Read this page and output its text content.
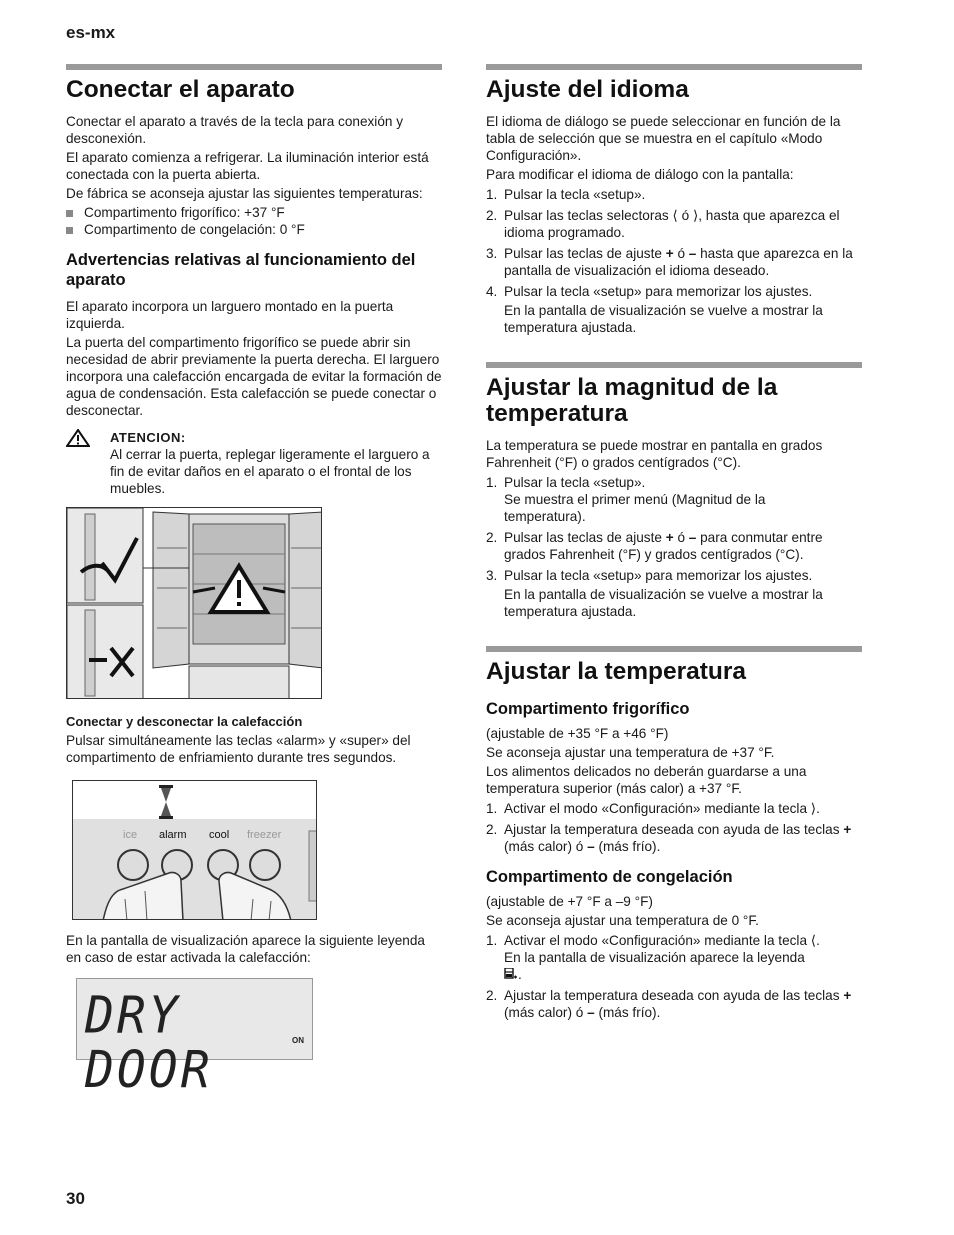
es-mx
Conectar el aparato

Conectar el aparato a través de la tecla para conexión y desconexión.

El aparato comienza a refrigerar. La iluminación interior está conectada con la puerta abierta.

De fábrica se aconseja ajustar las siguientes temperaturas:

Compartimento frigorífico: +37 °F
Compartimento de congelación: 0 °F
Advertencias relativas al funcionamiento del aparato

El aparato incorpora un larguero montado en la puerta izquierda.

La puerta del compartimento frigorífico se puede abrir sin necesidad de abrir previamente la puerta derecha. El larguero incorpora una calefacción encargada de evitar la formación de agua de condensación. Esta calefacción se puede conectar o desconectar.

ATENCION:
Al cerrar la puerta, replegar ligeramente el larguero a fin de evitar daños en el aparato o el frontal de los muebles.
Conectar y desconectar la calefacción

Pulsar simultáneamente las teclas «alarm» y «super» del compartimento de enfriamiento durante tres segundos.

ice alarm cool freezer

En la pantalla de visualización aparece la siguiente leyenda en caso de estar activada la calefacción:

DRY DOOR
ON
Ajuste del idioma

El idioma de diálogo se puede seleccionar en función de la tabla de selección que se muestra en el capítulo «Modo Configuración».

Para modificar el idioma de diálogo con la pantalla:

1. Pulsar la tecla «setup».
2. Pulsar las teclas selectoras ⟨ ó ⟩, hasta que aparezca el idioma programado.
3. Pulsar las teclas de ajuste + ó – hasta que aparezca en la pantalla de visualización el idioma deseado.
4. Pulsar la tecla «setup» para memorizar los ajustes.
En la pantalla de visualización se vuelve a mostrar la temperatura ajustada.
Ajustar la magnitud de la temperatura

La temperatura se puede mostrar en pantalla en grados Fahrenheit (°F) o grados centígrados (°C).

1. Pulsar la tecla «setup».
Se muestra el primer menú (Magnitud de la temperatura).
2. Pulsar las teclas de ajuste + ó – para conmutar entre grados Fahrenheit (°F) y grados centígrados (°C).
3. Pulsar la tecla «setup» para memorizar los ajustes.
En la pantalla de visualización se vuelve a mostrar la temperatura ajustada.
Ajustar la temperatura
Compartimento frigorífico

(ajustable de +35 °F a +46 °F)

Se aconseja ajustar una temperatura de +37 °F.

Los alimentos delicados no deberán guardarse a una temperatura superior (más calor) a +37 °F.

1. Activar el modo «Configuración» mediante la tecla ⟩.
2. Ajustar la temperatura deseada con ayuda de las teclas + (más calor) ó – (más frío).
Compartimento de congelación

(ajustable de +7 °F a –9 °F)

Se aconseja ajustar una temperatura de 0 °F.

1. Activar el modo «Configuración» mediante la tecla ⟨.
En la pantalla de visualización aparece la leyenda .
2. Ajustar la temperatura deseada con ayuda de las teclas + (más calor) ó – (más frío).
30
